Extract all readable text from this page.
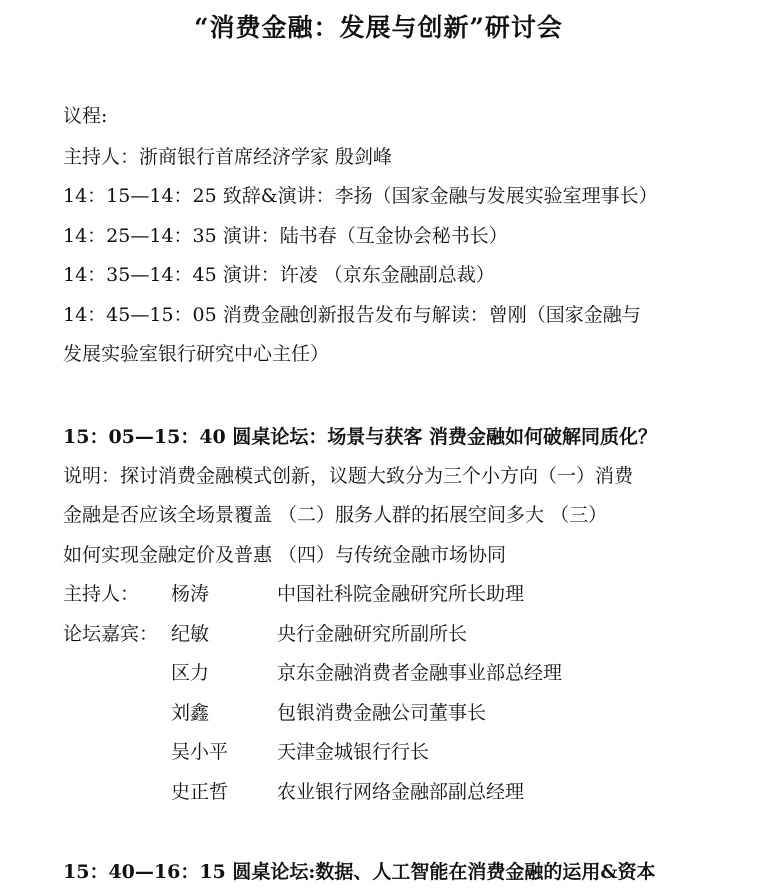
“消费金融：发展与创新”研讨会
议程:
主持人：浙商银行首席经济学家 殷剑峰
14：15—14：25 致辞&演讲：李扬（国家金融与发展实验室理事长）
14：25—14：35 演讲：陆书春（互金协会秘书长）
14：35—14：45 演讲：许凌 （京东金融副总裁）
14：45—15：05 消费金融创新报告发布与解读：曾刚（国家金融与
发展实验室银行研究中心主任）
15：05—15：40 圆桌论坛：场景与获客 消费金融如何破解同质化？
说明：探讨消费金融模式创新，议题大致分为三个小方向（一）消费
金融是否应该全场景覆盖 （二）服务人群的拓展空间多大 （三）
如何实现金融定价及普惠 （四）与传统金融市场协同
主持人： 杨涛	中国社科院金融研究所长助理
论坛嘉宾： 纪敏	央行金融研究所副所长
区力	京东金融消费者金融事业部总经理
刘鑫	包银消费金融公司董事长
吴小平	天津金城银行行长
史正哲	农业银行网络金融部副总经理
15：40—16：15 圆桌论坛:数据、人工智能在消费金融的运用&资本
